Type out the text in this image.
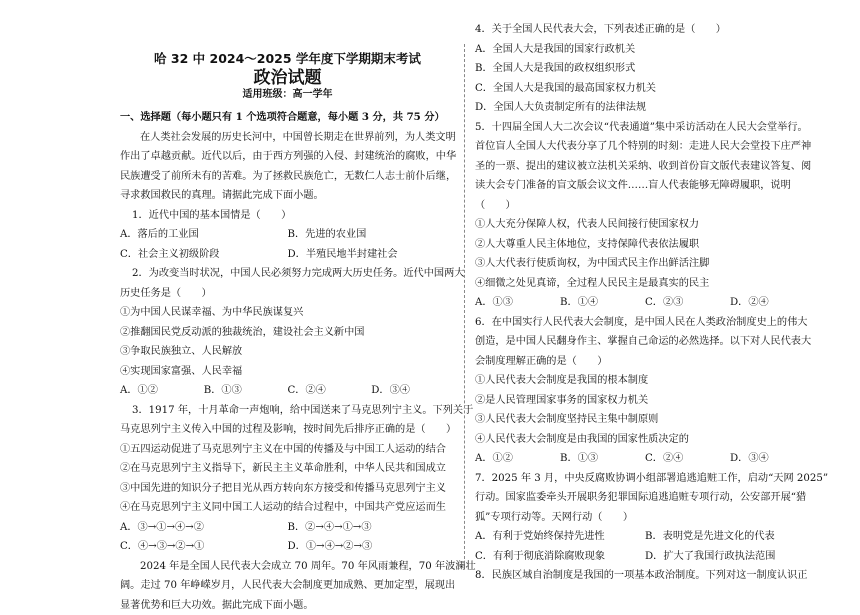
哈 32 中 2024～2025 学年度下学期期末考试
政治试题
适用班级：高一学年
一、选择题（每小题只有 1 个选项符合题意，每小题 3 分，共 75 分）
在人类社会发展的历史长河中，中国曾长期走在世界前列，为人类文明
作出了卓越贡献。近代以后，由于西方列强的入侵、封建统治的腐败，中华
民族遭受了前所未有的苦难。为了拯救民族危亡，无数仁人志士前仆后继，
寻求救国救民的真理。请据此完成下面小题。
1．近代中国的基本国情是（　　）
A．落后的工业国	B．先进的农业国
C．社会主义初级阶段	D．半殖民地半封建社会
2．为改变当时状况，中国人民必须努力完成两大历史任务。近代中国两大
历史任务是（　　）
①为中国人民谋幸福、为中华民族谋复兴
②推翻国民党反动派的独裁统治，建设社会主义新中国
③争取民族独立、人民解放
④实现国家富强、人民幸福
A．①②	B．①③	C．②④	D．③④
3．1917 年，十月革命一声炮响，给中国送来了马克思列宁主义。下列关于
马克思列宁主义传入中国的过程及影响，按时间先后排序正确的是（　　）
①五四运动促进了马克思列宁主义在中国的传播及与中国工人运动的结合
②在马克思列宁主义指导下，新民主主义革命胜利，中华人民共和国成立
③中国先进的知识分子把目光从西方转向东方接受和传播马克思列宁主义
④在马克思列宁主义同中国工人运动的结合过程中，中国共产党应运而生
A．③→①→④→②	B．②→④→①→③
C．④→③→②→①	D．①→④→②→③
2024 年是全国人民代表大会成立 70 周年。70 年风雨兼程，70 年波澜壮
阔。走过 70 年峥嵘岁月，人民代表大会制度更加成熟、更加定型，展现出
显著优势和巨大功效。据此完成下面小题。
4．关于全国人民代表大会，下列表述正确的是（　　）
A．全国人大是我国的国家行政机关
B．全国人大是我国的政权组织形式
C．全国人大是我国的最高国家权力机关
D．全国人大负责制定所有的法律法规
5．十四届全国人大二次会议“代表通道”集中采访活动在人民大会堂举行。
首位盲人全国人大代表分享了几个特别的时刻：走进人民大会堂投下庄严神
圣的一票、提出的建议被立法机关采纳、收到首份盲文版代表建议答复、阅
读大会专门准备的盲文版会议文件……盲人代表能够无障碍履职，说明
（　　）
①人大充分保障人权，代表人民间接行使国家权力
②人大尊重人民主体地位，支持保障代表依法履职
③人大代表行使质询权，为中国式民主作出鲜活注脚
④细微之处见真谛，全过程人民民主是最真实的民主
A．①③	B．①④	C．②③	D．②④
6．在中国实行人民代表大会制度，是中国人民在人类政治制度史上的伟大
创造，是中国人民翻身作主、掌握自己命运的必然选择。以下对人民代表大
会制度理解正确的是（　　）
①人民代表大会制度是我国的根本制度
②是人民管理国家事务的国家权力机关
③人民代表大会制度坚持民主集中制原则
④人民代表大会制度是由我国的国家性质决定的
A．①②	B．①③	C．②④	D．③④
7．2025 年 3 月，中央反腐败协调小组部署追逃追赃工作，启动“天网 2025”
行动。国家监委牵头开展职务犯罪国际追逃追赃专项行动，公安部开展“猎
狐”专项行动等。天网行动（　　）
A．有利于党始终保持先进性	B．表明党是先进文化的代表
C．有利于彻底消除腐败现象	D．扩大了我国行政执法范围
8．民族区域自治制度是我国的一项基本政治制度。下列对这一制度认识正
